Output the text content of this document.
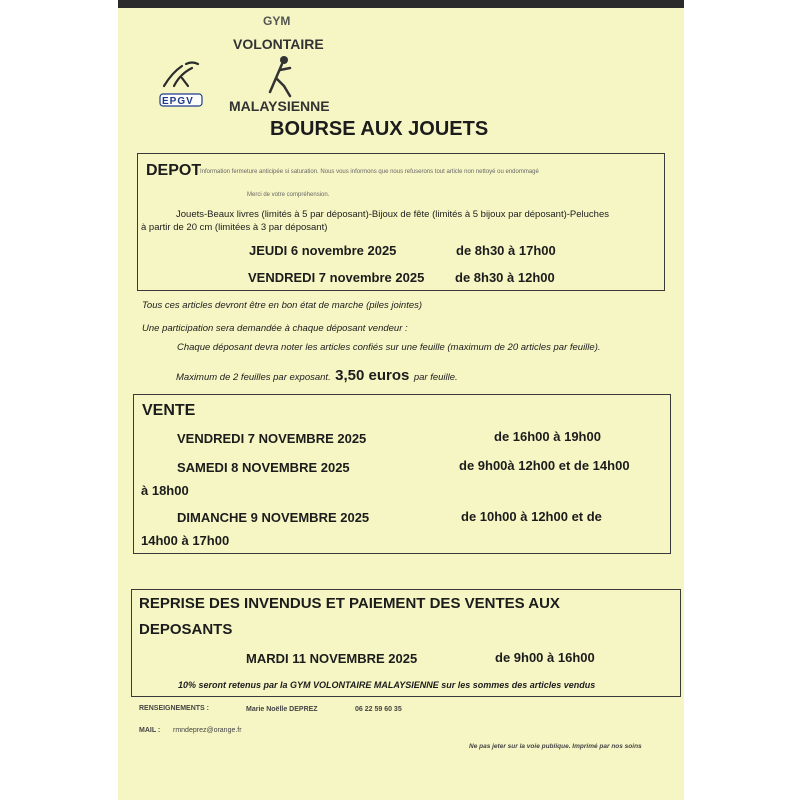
EPGV
GYM
VOLONTAIRE
MALAYSIENNE
BOURSE AUX JOUETS
DEPOT
Information fermeture anticipée si saturation. Nous vous informons que nous refuserons tout article non nettoyé ou endommagé
Merci de votre compréhension.
Jouets-Beaux livres (limités à 5 par déposant)-Bijoux de fête (limités à 5 bijoux par déposant)-Peluches
à partir de 20 cm (limitées à 3 par déposant)
JEUDI 6 novembre 2025	de 8h30 à 17h00
VENDREDI 7 novembre 2025 de 8h30 à 12h00
Tous ces articles devront être en bon état de marche (piles jointes)
Une participation sera demandée à chaque déposant vendeur :
Chaque déposant devra noter les articles confiés sur une feuille (maximum de 20 articles par feuille).
Maximum de 2 feuilles par exposant. 3,50 euros par feuille.
VENTE
VENDREDI 7 NOVEMBRE 2025	de 16h00 à 19h00
SAMEDI 8 NOVEMBRE 2025	de 9h00à 12h00 et de 14h00
à 18h00
DIMANCHE 9 NOVEMBRE 2025	de 10h00 à 12h00 et de
14h00 à 17h00
REPRISE DES INVENDUS ET PAIEMENT DES VENTES AUX
DEPOSANTS
MARDI 11 NOVEMBRE 2025	de 9h00 à 16h00
10% seront retenus par la GYM VOLONTAIRE MALAYSIENNE sur les sommes des articles vendus
RENSEIGNEMENTS :	Marie Noëlle DEPREZ	06 22 59 60 35
MAIL : rmndeprez@orange.fr
Ne pas jeter sur la voie publique. Imprimé par nos soins
